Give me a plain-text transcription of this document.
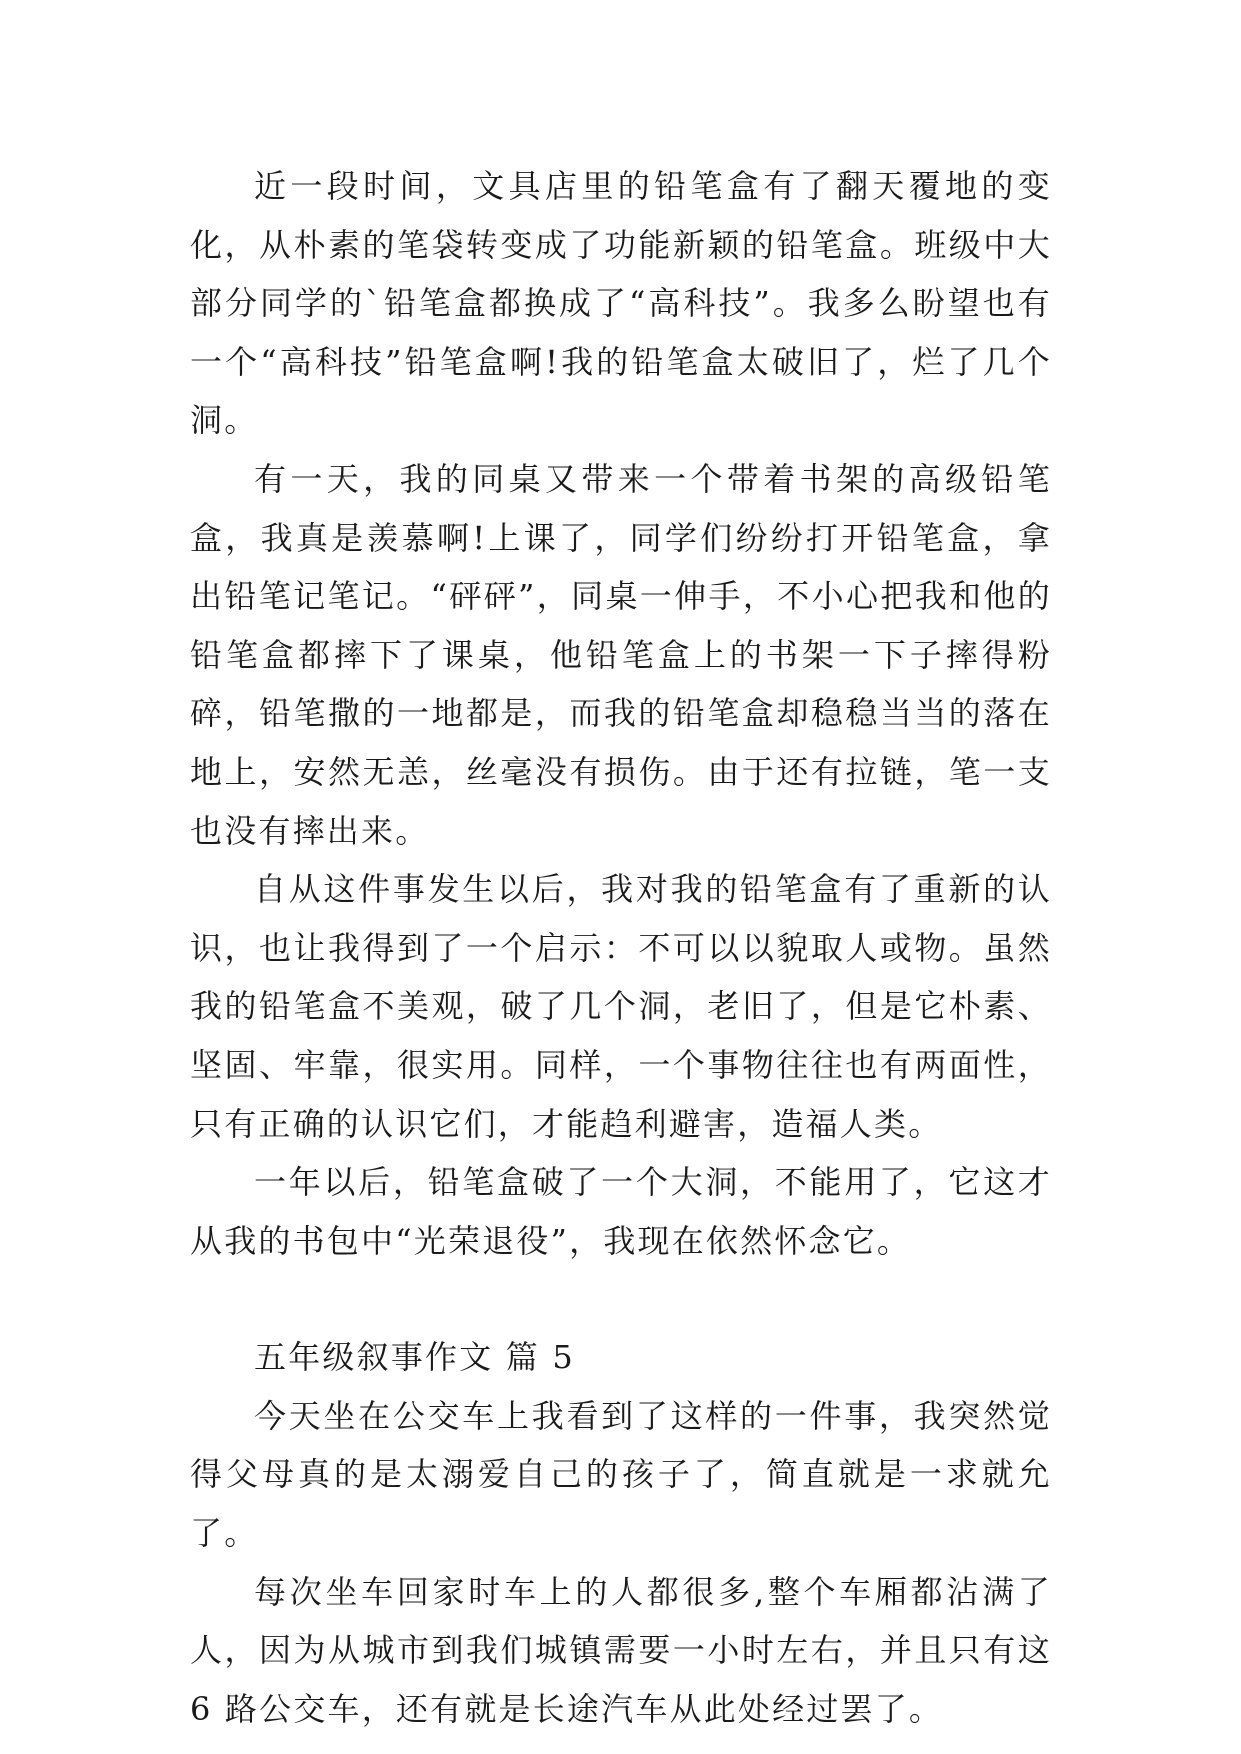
近一段时间，文具店里的铅笔盒有了翻天覆地的变化，从朴素的笔袋转变成了功能新颖的铅笔盒。班级中大部分同学的`铅笔盒都换成了“高科技”。我多么盼望也有一个“高科技”铅笔盒啊!我的铅笔盒太破旧了，烂了几个洞。

有一天，我的同桌又带来一个带着书架的高级铅笔盒，我真是羡慕啊!上课了，同学们纷纷打开铅笔盒，拿出铅笔记笔记。“砰砰”，同桌一伸手，不小心把我和他的铅笔盒都摔下了课桌，他铅笔盒上的书架一下子摔得粉碎，铅笔撒的一地都是，而我的铅笔盒却稳稳当当的落在地上，安然无恙，丝毫没有损伤。由于还有拉链，笔一支也没有摔出来。

自从这件事发生以后，我对我的铅笔盒有了重新的认识，也让我得到了一个启示：不可以以貌取人或物。虽然我的铅笔盒不美观，破了几个洞，老旧了，但是它朴素、坚固、牢靠，很实用。同样，一个事物往往也有两面性，只有正确的认识它们，才能趋利避害，造福人类。

一年以后，铅笔盒破了一个大洞，不能用了，它这才从我的书包中“光荣退役”，我现在依然怀念它。

五年级叙事作文 篇 5

今天坐在公交车上我看到了这样的一件事，我突然觉得父母真的是太溺爱自己的孩子了，简直就是一求就允了。

每次坐车回家时车上的人都很多,整个车厢都沾满了人，因为从城市到我们城镇需要一小时左右，并且只有这 6 路公交车，还有就是长途汽车从此处经过罢了。
